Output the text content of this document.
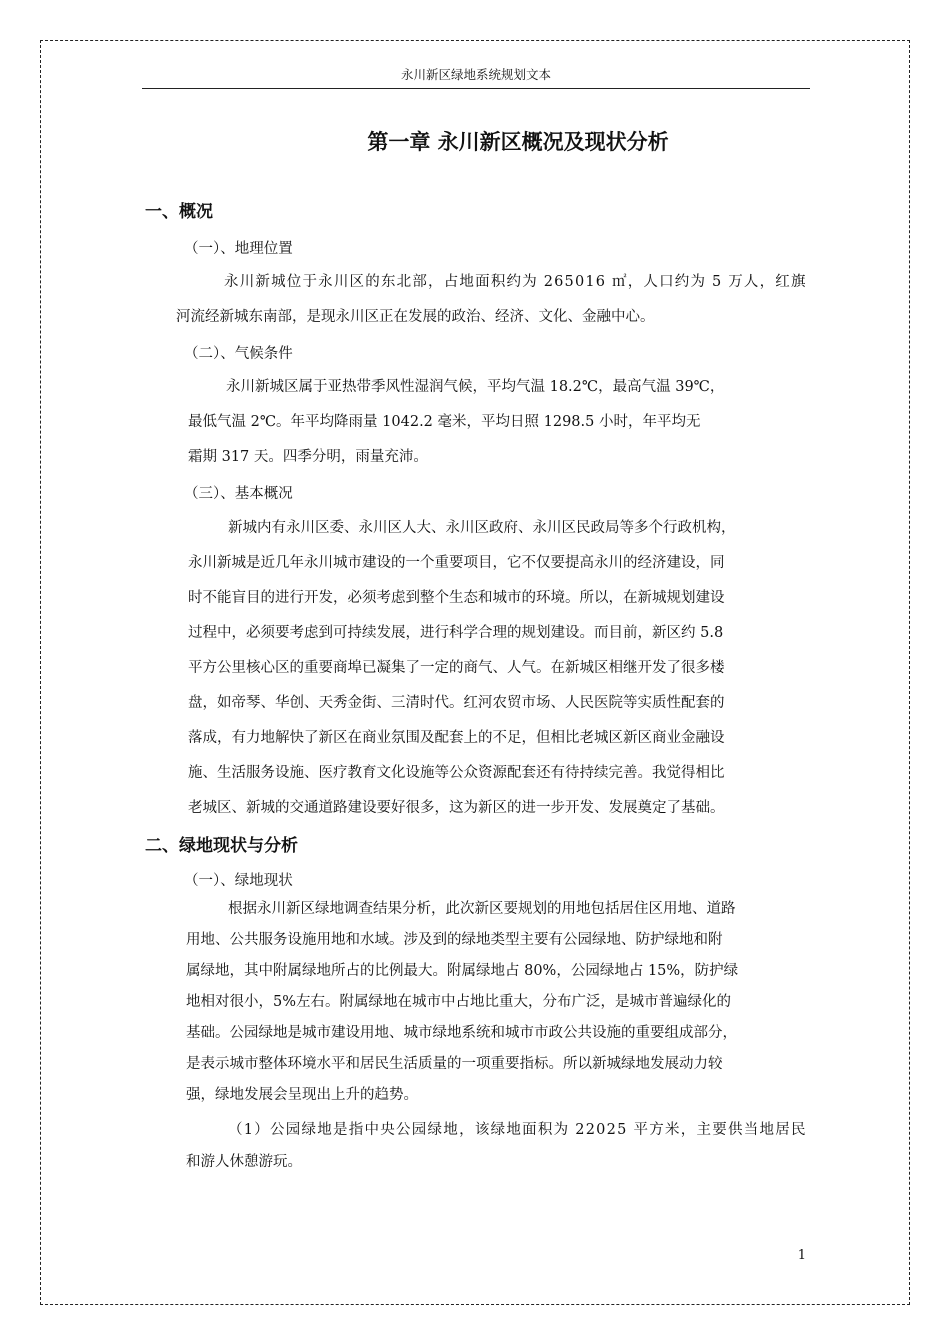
永川新区绿地系统规划文本
第一章 永川新区概况及现状分析
一、概况
（一）、地理位置
永川新城位于永川区的东北部，占地面积约为 265016 ㎡，人口约为 5 万人，红旗
河流经新城东南部，是现永川区正在发展的政治、经济、文化、金融中心。
（二）、气候条件
永川新城区属于亚热带季风性湿润气候，平均气温 18.2℃，最高气温 39℃，
最低气温 2℃。年平均降雨量 1042.2 毫米，平均日照 1298.5 小时，年平均无
霜期 317 天。四季分明，雨量充沛。
（三）、基本概况
新城内有永川区委、永川区人大、永川区政府、永川区民政局等多个行政机构，
永川新城是近几年永川城市建设的一个重要项目，它不仅要提高永川的经济建设，同
时不能盲目的进行开发，必须考虑到整个生态和城市的环境。所以，在新城规划建设
过程中，必须要考虑到可持续发展，进行科学合理的规划建设。而目前，新区约 5.8
平方公里核心区的重要商埠已凝集了一定的商气、人气。在新城区相继开发了很多楼
盘，如帝琴、华创、天秀金街、三清时代。红河农贸市场、人民医院等实质性配套的
落成，有力地解快了新区在商业氛围及配套上的不足，但相比老城区新区商业金融设
施、生活服务设施、医疗教育文化设施等公众资源配套还有待持续完善。我觉得相比
老城区、新城的交通道路建设要好很多，这为新区的进一步开发、发展奠定了基础。
二、绿地现状与分析
（一）、绿地现状
根据永川新区绿地调查结果分析，此次新区要规划的用地包括居住区用地、道路
用地、公共服务设施用地和水域。涉及到的绿地类型主要有公园绿地、防护绿地和附
属绿地，其中附属绿地所占的比例最大。附属绿地占 80%，公园绿地占 15%，防护绿
地相对很小，5%左右。附属绿地在城市中占地比重大，分布广泛，是城市普遍绿化的
基础。公园绿地是城市建设用地、城市绿地系统和城市市政公共设施的重要组成部分，
是表示城市整体环境水平和居民生活质量的一项重要指标。所以新城绿地发展动力较
强，绿地发展会呈现出上升的趋势。
（1）公园绿地是指中央公园绿地，该绿地面积为 22025 平方米，主要供当地居民
和游人休憩游玩。
1
